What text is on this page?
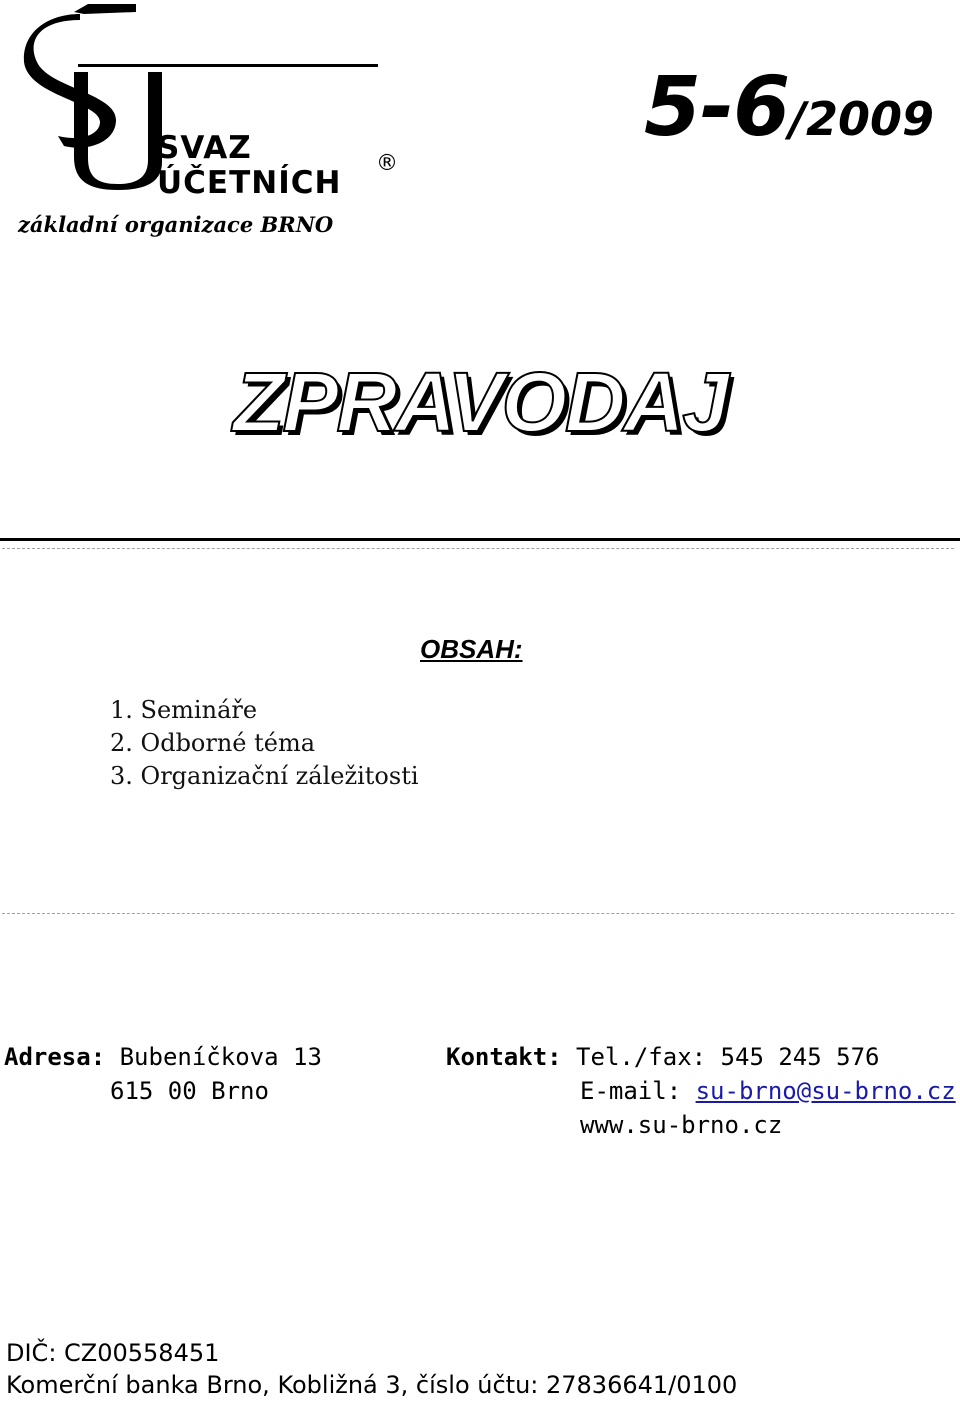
SVAZ
ÚČETNÍCH
®
základní organizace BRNO
5-6/2009
ZPRAVODAJ
OBSAH:
1. Semináře
2. Odborné téma
3. Organizační záležitosti
Adresa: Bubeníčkova 13
615 00 Brno
Kontakt: Tel./fax: 545 245 576
E-mail: su-brno@su-brno.cz
www.su-brno.cz
DIČ: CZ00558451
Komerční banka Brno, Kobližná 3, číslo účtu: 27836641/0100
